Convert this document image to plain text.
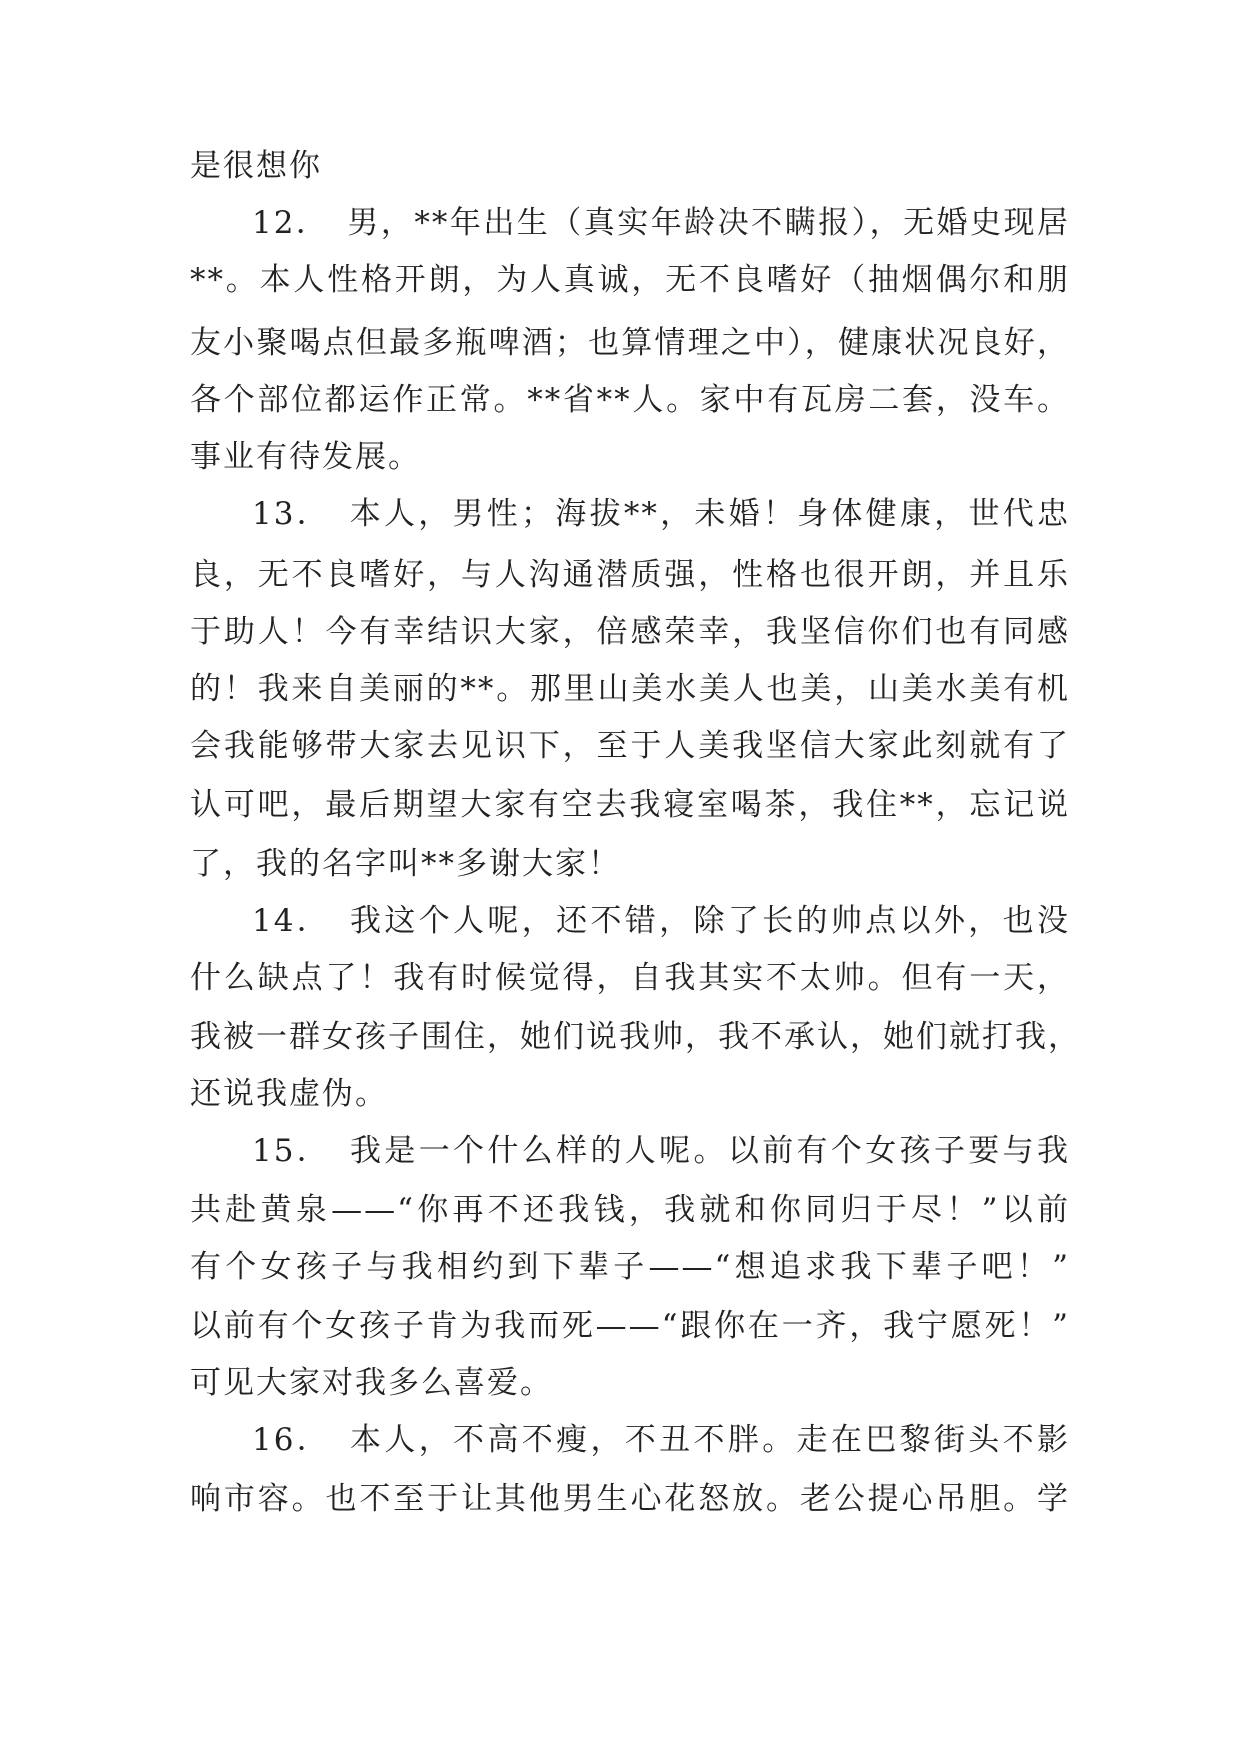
是很想你
12．　男，**年出生（真实年龄决不瞒报），无婚史现居
**。本人性格开朗，为人真诚，无不良嗜好（抽烟偶尔和朋
友小聚喝点但最多瓶啤酒；也算情理之中），健康状况良好，
各个部位都运作正常。**省**人。家中有瓦房二套，没车。
事业有待发展。
13．　本人，男性；海拔**，未婚！身体健康，世代忠
良，无不良嗜好，与人沟通潜质强，性格也很开朗，并且乐
于助人！今有幸结识大家，倍感荣幸，我坚信你们也有同感
的！我来自美丽的**。那里山美水美人也美，山美水美有机
会我能够带大家去见识下，至于人美我坚信大家此刻就有了
认可吧，最后期望大家有空去我寝室喝茶，我住**，忘记说
了，我的名字叫**多谢大家！
14．　我这个人呢，还不错，除了长的帅点以外，也没
什么缺点了！我有时候觉得，自我其实不太帅。但有一天，
我被一群女孩子围住，她们说我帅，我不承认，她们就打我，
还说我虚伪。
15．　我是一个什么样的人呢。以前有个女孩子要与我
共赴黄泉——“你再不还我钱，我就和你同归于尽！”以前
有个女孩子与我相约到下辈子——“想追求我下辈子吧！”
以前有个女孩子肯为我而死——“跟你在一齐，我宁愿死！”
可见大家对我多么喜爱。
16．　本人，不高不瘦，不丑不胖。走在巴黎街头不影
响市容。也不至于让其他男生心花怒放。老公提心吊胆。学
